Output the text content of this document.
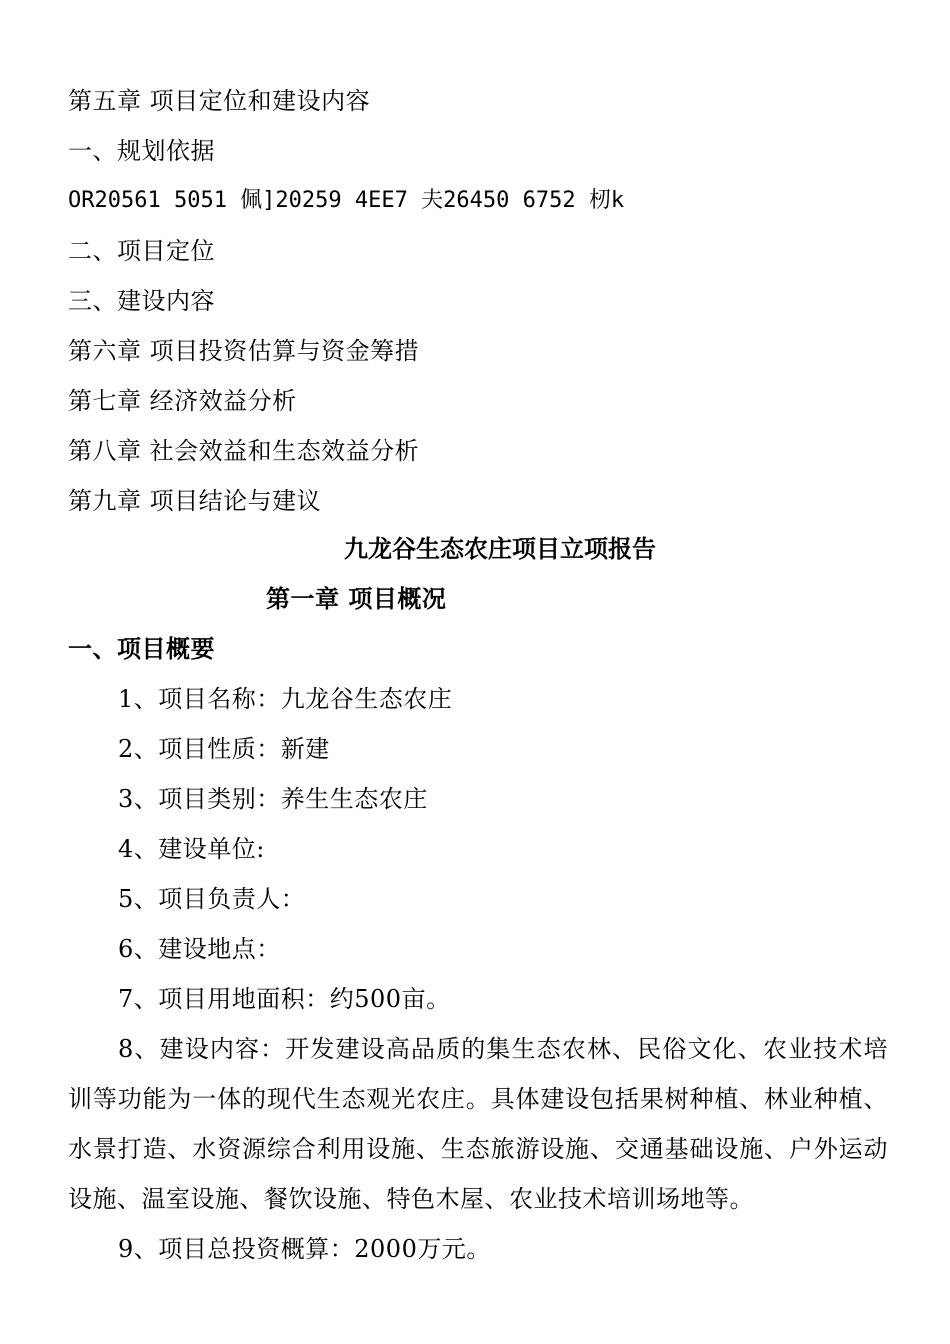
第五章 项目定位和建设内容
一、规划依据
OR20561 5051 佩]20259 4EE7 夫26450 6752 杒k
二、项目定位
三、建设内容
第六章 项目投资估算与资金筹措
第七章 经济效益分析
第八章 社会效益和生态效益分析
第九章 项目结论与建议
九龙谷生态农庄项目立项报告
第一章 项目概况
一、项目概要
1、项目名称：九龙谷生态农庄
2、项目性质：新建
3、项目类别：养生生态农庄
4、建设单位:
5、项目负责人：
6、建设地点：
7、项目用地面积：约500亩。
8、建设内容：开发建设高品质的集生态农林、民俗文化、农业技术培训等功能为一体的现代生态观光农庄。具体建设包括果树种植、林业种植、水景打造、水资源综合利用设施、生态旅游设施、交通基础设施、户外运动设施、温室设施、餐饮设施、特色木屋、农业技术培训场地等。
9、项目总投资概算：2000万元。
